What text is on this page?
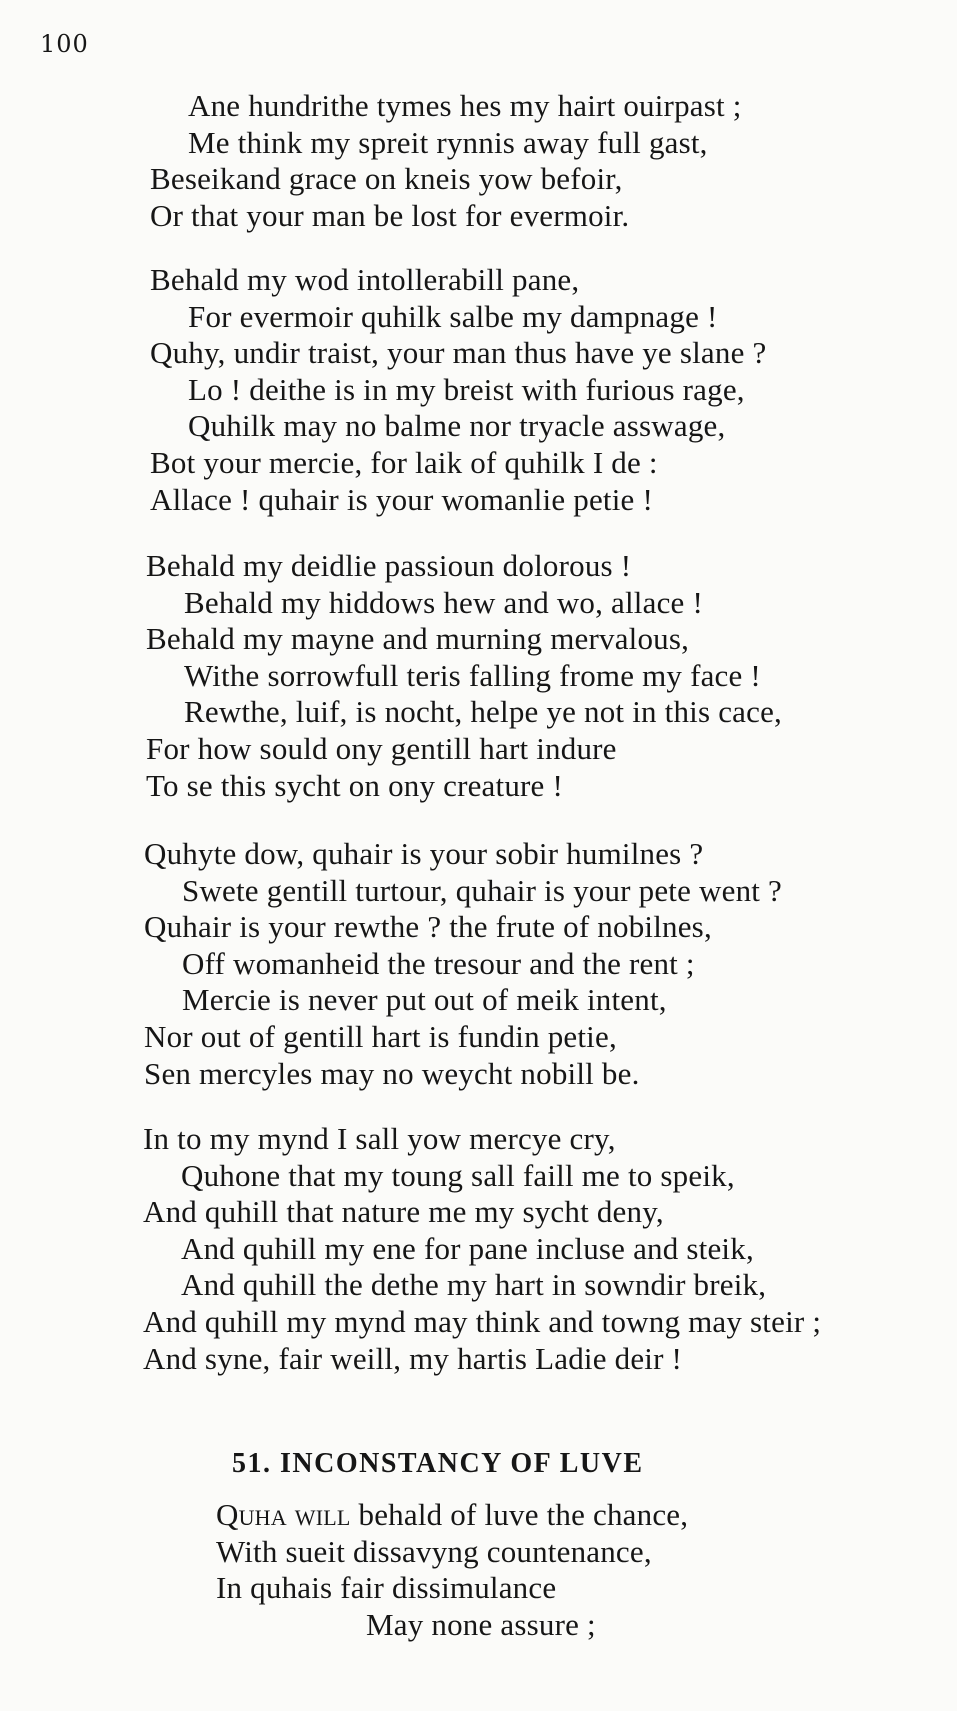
100
Ane hundrithe tymes hes my hairt ouirpast ;
Me think my spreit rynnis away full gast,
Beseikand grace on kneis yow befoir,
Or that your man be lost for evermoir.
Behald my wod intollerabill pane,
For evermoir quhilk salbe my dampnage !
Quhy, undir traist, your man thus have ye slane ?
Lo ! deithe is in my breist with furious rage,
Quhilk may no balme nor tryacle asswage,
Bot your mercie, for laik of quhilk I de :
Allace ! quhair is your womanlie petie !
Behald my deidlie passioun dolorous !
Behald my hiddows hew and wo, allace !
Behald my mayne and murning mervalous,
Withe sorrowfull teris falling frome my face !
Rewthe, luif, is nocht, helpe ye not in this cace,
For how sould ony gentill hart indure
To se this sycht on ony creature !
Quhyte dow, quhair is your sobir humilnes ?
Swete gentill turtour, quhair is your pete went ?
Quhair is your rewthe ? the frute of nobilnes,
Off womanheid the tresour and the rent ;
Mercie is never put out of meik intent,
Nor out of gentill hart is fundin petie,
Sen mercyles may no weycht nobill be.
In to my mynd I sall yow mercye cry,
Quhone that my toung sall faill me to speik,
And quhill that nature me my sycht deny,
And quhill my ene for pane incluse and steik,
And quhill the dethe my hart in sowndir breik,
And quhill my mynd may think and towng may steir ;
And syne, fair weill, my hartis Ladie deir !
51. INCONSTANCY OF LUVE
Quha will behald of luve the chance,
With sueit dissavyng countenance,
In quhais fair dissimulance
May none assure ;
